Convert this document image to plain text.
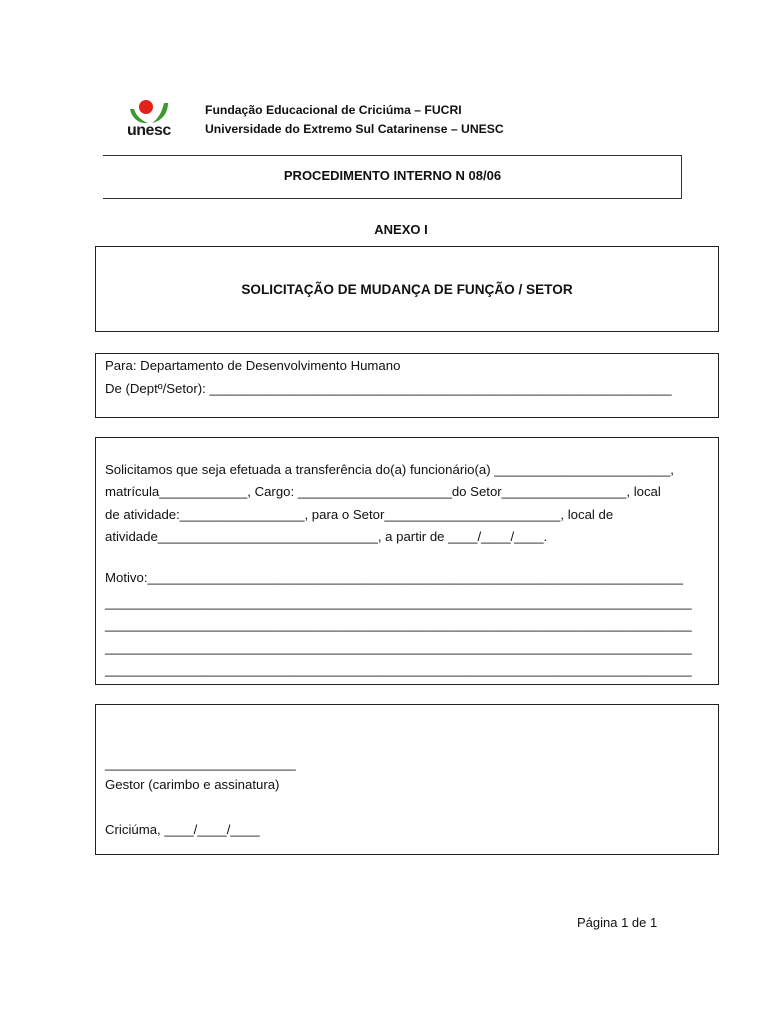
unesc
Fundação Educacional de Criciúma – FUCRI
Universidade do Extremo Sul Catarinense – UNESC
PROCEDIMENTO INTERNO N 08/06
ANEXO I
SOLICITAÇÃO DE MUDANÇA DE FUNÇÃO / SETOR
Para: Departamento de Desenvolvimento Humano
De (Deptº/Setor): _______________________________________________________________
Solicitamos que seja efetuada a transferência do(a) funcionário(a) ________________________,
matrícula____________, Cargo: _____________________do Setor_________________, local
de atividade:_________________, para o Setor________________________, local de
atividade______________________________, a partir de ____/____/____.
Motivo:_________________________________________________________________________
________________________________________________________________________________
________________________________________________________________________________
________________________________________________________________________________
________________________________________________________________________________
__________________________
Gestor (carimbo e assinatura)
Criciúma, ____/____/____
Página 1 de 1
